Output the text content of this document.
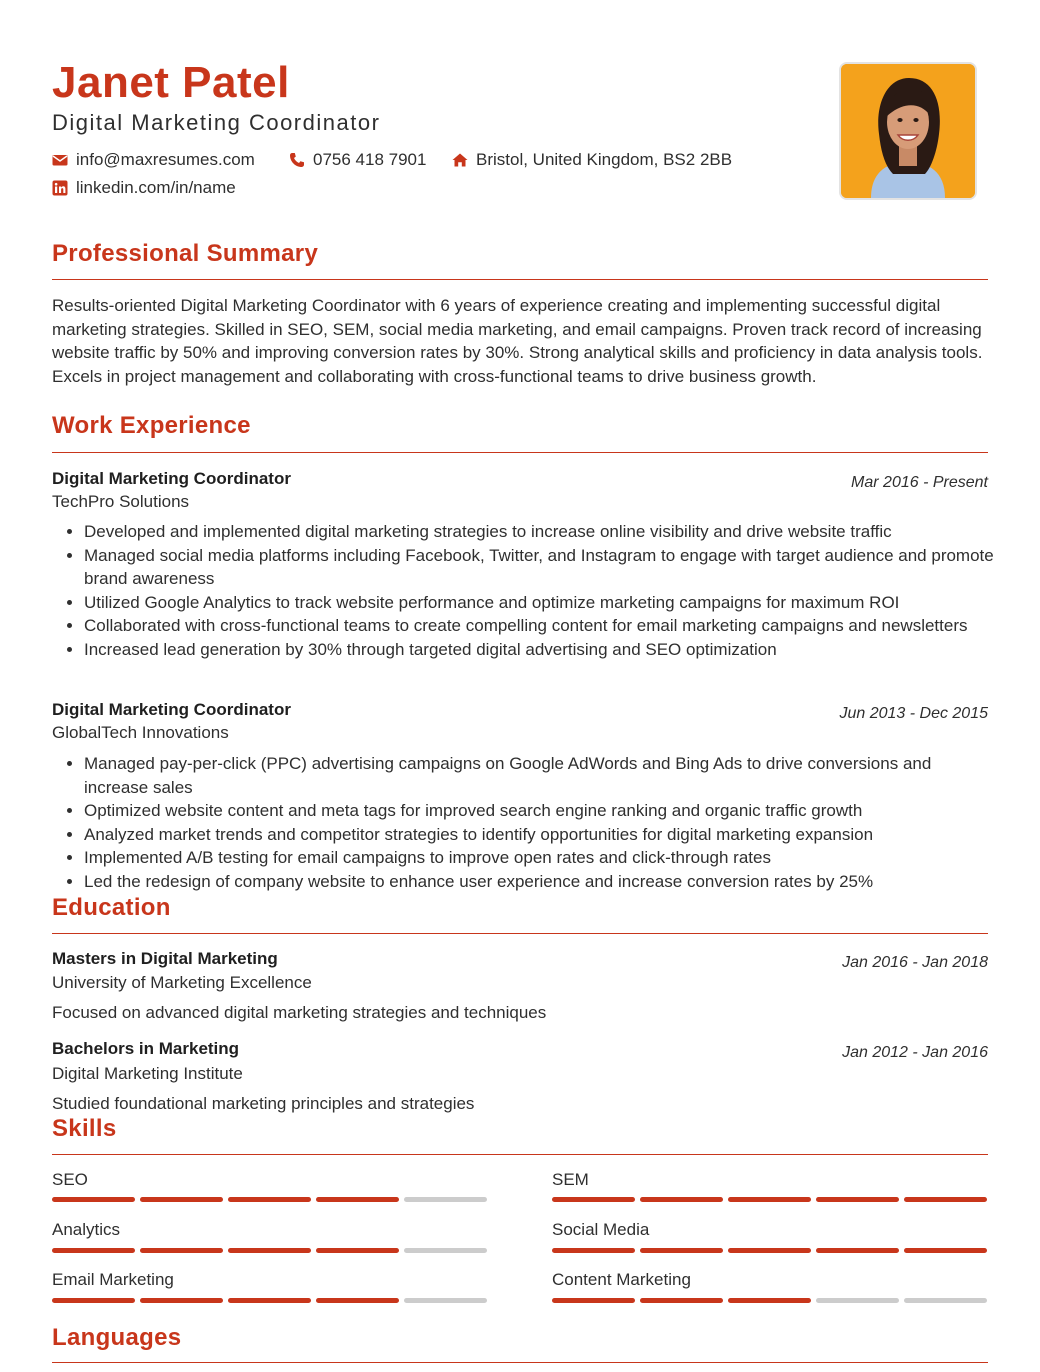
Janet Patel
Digital Marketing Coordinator
info@maxresumes.com	0756 418 7901	Bristol, United Kingdom, BS2 2BB
linkedin.com/in/name
Professional Summary
Results-oriented Digital Marketing Coordinator with 6 years of experience creating and implementing successful digital marketing strategies. Skilled in SEO, SEM, social media marketing, and email campaigns. Proven track record of increasing website traffic by 50% and improving conversion rates by 30%. Strong analytical skills and proficiency in data analysis tools. Excels in project management and collaborating with cross-functional teams to drive business growth.
Work Experience
Digital Marketing Coordinator	Mar 2016 - Present
TechPro Solutions
• Developed and implemented digital marketing strategies to increase online visibility and drive website traffic
• Managed social media platforms including Facebook, Twitter, and Instagram to engage with target audience and promote brand awareness
• Utilized Google Analytics to track website performance and optimize marketing campaigns for maximum ROI
• Collaborated with cross-functional teams to create compelling content for email marketing campaigns and newsletters
• Increased lead generation by 30% through targeted digital advertising and SEO optimization
Digital Marketing Coordinator	Jun 2013 - Dec 2015
GlobalTech Innovations
• Managed pay-per-click (PPC) advertising campaigns on Google AdWords and Bing Ads to drive conversions and increase sales
• Optimized website content and meta tags for improved search engine ranking and organic traffic growth
• Analyzed market trends and competitor strategies to identify opportunities for digital marketing expansion
• Implemented A/B testing for email campaigns to improve open rates and click-through rates
• Led the redesign of company website to enhance user experience and increase conversion rates by 25%
Education
Masters in Digital Marketing	Jan 2016 - Jan 2018
University of Marketing Excellence
Focused on advanced digital marketing strategies and techniques
Bachelors in Marketing	Jan 2012 - Jan 2016
Digital Marketing Institute
Studied foundational marketing principles and strategies
Skills
SEO	SEM
Analytics	Social Media
Email Marketing	Content Marketing
Languages
